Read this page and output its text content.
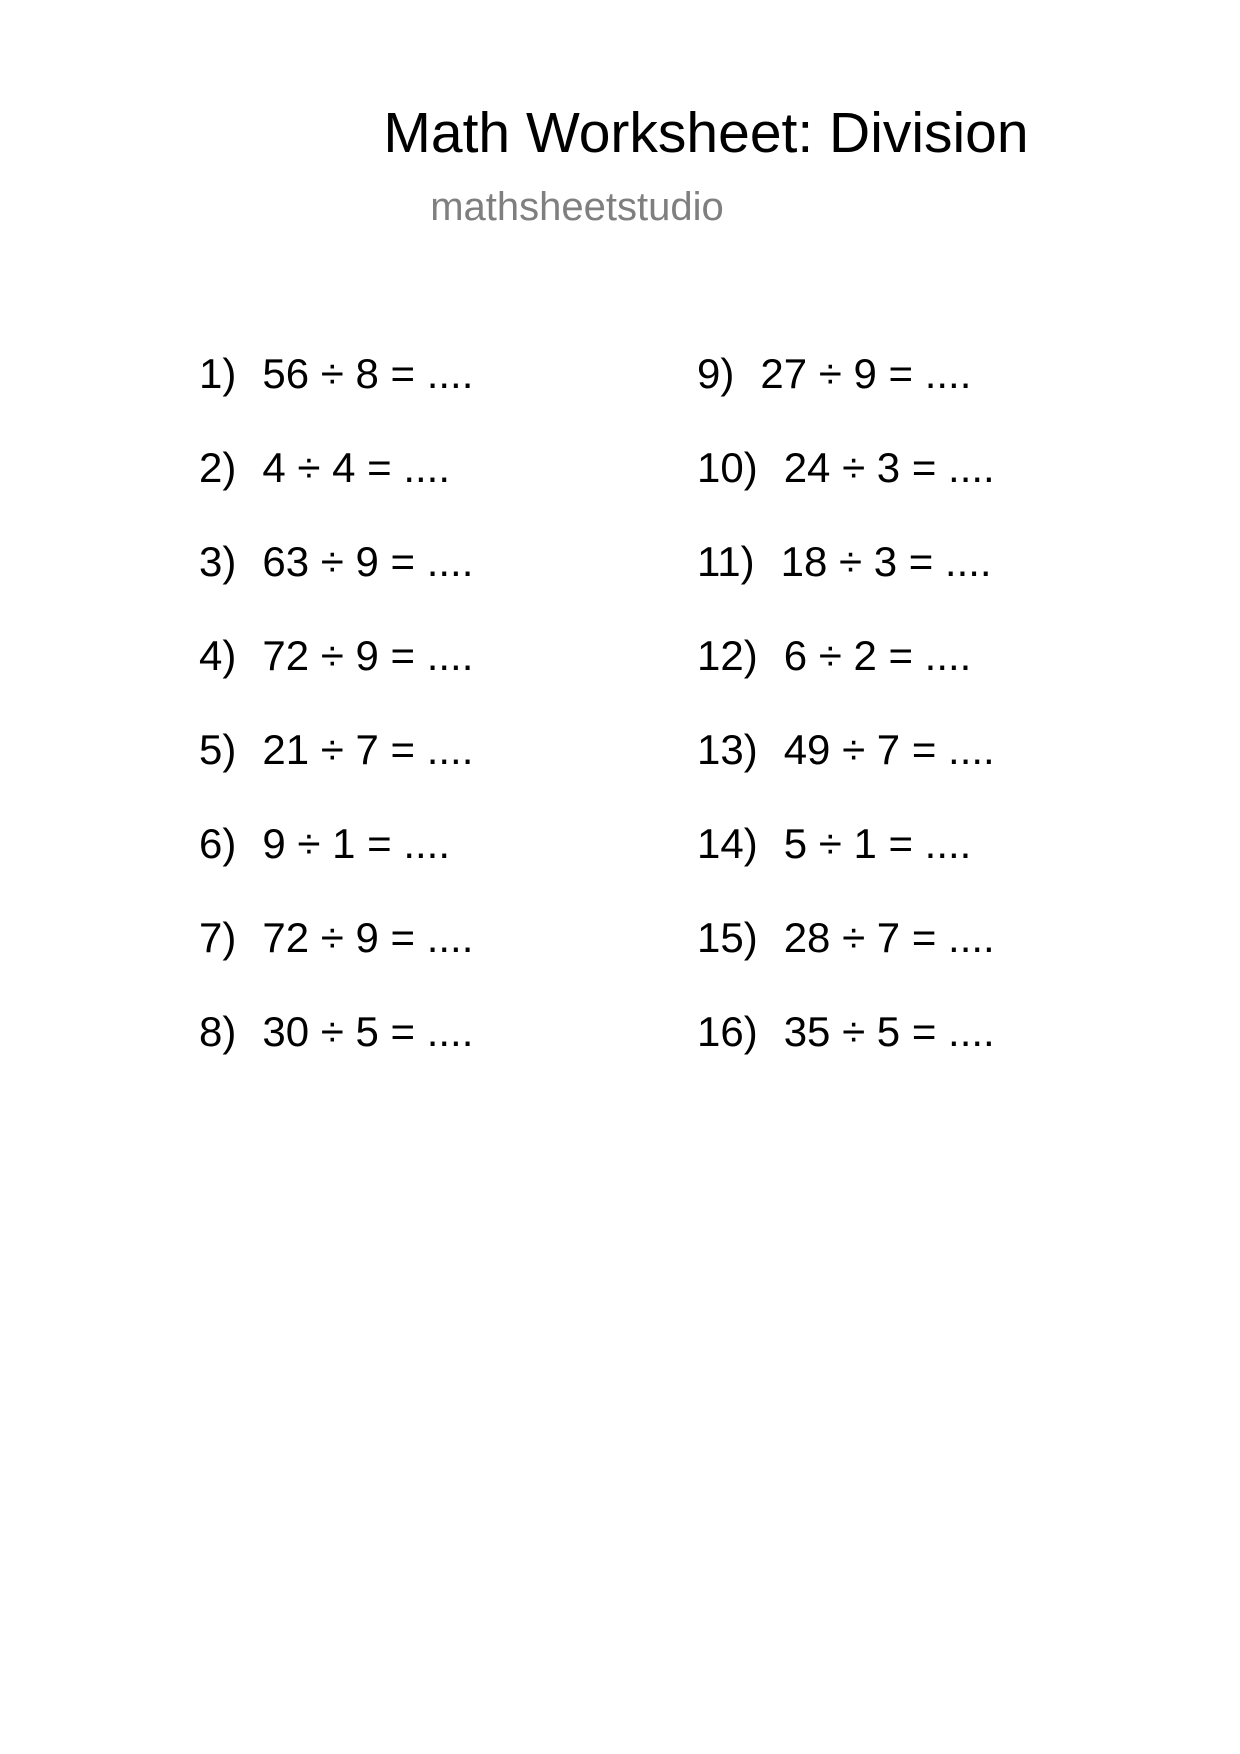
Math Worksheet: Division
mathsheetstudio
1) 56 ÷ 8 = ....
2) 4 ÷ 4 = ....
3) 63 ÷ 9 = ....
4) 72 ÷ 9 = ....
5) 21 ÷ 7 = ....
6) 9 ÷ 1 = ....
7) 72 ÷ 9 = ....
8) 30 ÷ 5 = ....
9) 27 ÷ 9 = ....
10) 24 ÷ 3 = ....
11) 18 ÷ 3 = ....
12) 6 ÷ 2 = ....
13) 49 ÷ 7 = ....
14) 5 ÷ 1 = ....
15) 28 ÷ 7 = ....
16) 35 ÷ 5 = ....
